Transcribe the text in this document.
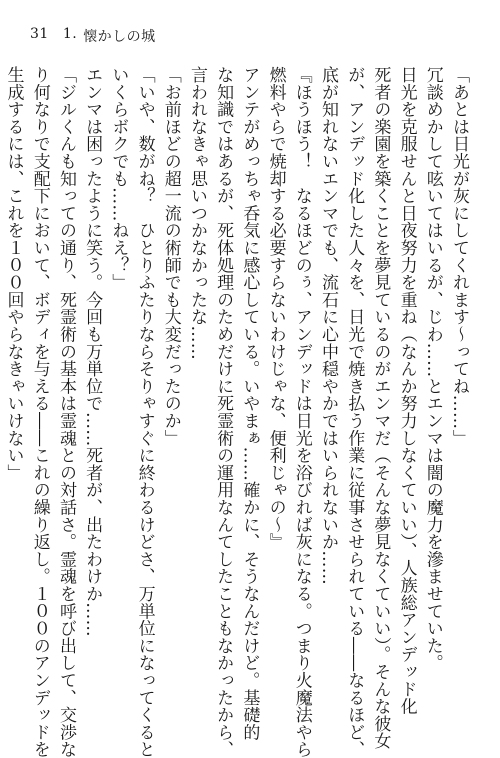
31 1. 懐かしの城
「あとは日光が灰にしてくれます〜ってね……」
冗談めかして呟いてはいるが、じわ……とエンマは闇の魔力を滲ませていた。
日光を克服せんと日夜努力を重ね（なんか努力しなくていい）、人族総アンデッド化
死者の楽園を築くことを夢見ているのがエンマだ（そんな夢見なくていい）。そんな彼女
が、アンデッド化した人々を、日光で焼き払う作業に従事させられている――なるほど、
底が知れないエンマでも、流石に心中穏やかではいられないか……
『ほうほう！　なるほどのぅ、アンデッドは日光を浴びれば灰になる。つまり火魔法やら
燃料やらで焼却する必要すらないわけじゃな、便利じゃの〜』
アンテがめっちゃ呑気に感心している。いやまぁ……確かに、そうなんだけど。基礎的
な知識ではあるが、死体処理のためだけに死霊術の運用なんてしたこともなかったから、
言われなきゃ思いつかなかったな……
「お前ほどの超一流の術師でも大変だったのか」
「いや、数がね？　ひとりふたりならそりゃすぐに終わるけどさ、万単位になってくると
いくらボクでも……ねえ？」
エンマは困ったように笑う。今回も万単位で……死者が、出たわけか……
「ジルくんも知っての通り、死霊術の基本は霊魂との対話さ。霊魂を呼び出して、交渉な
り何なりで支配下において、ボディを与える――これの繰り返し。１００のアンデッドを
生成するには、これを１００回やらなきゃいけない」
